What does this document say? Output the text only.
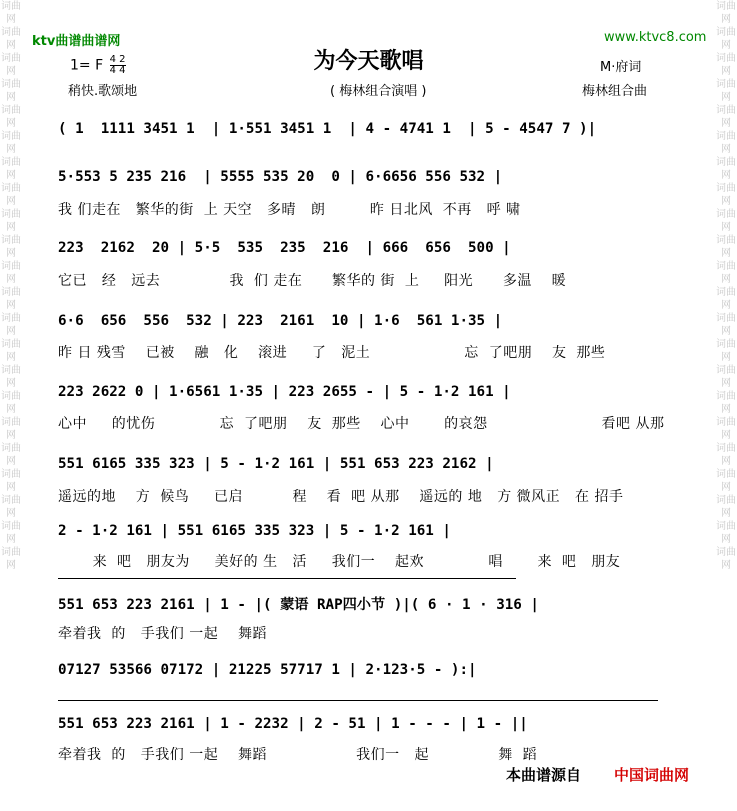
词曲网 词曲网 词曲网 词曲网 词曲网 词曲网 词曲网 词曲网 词曲网 词曲网 词曲网 词曲网 词曲网 词曲网 词曲网 词曲网 词曲网 词曲网 词曲网 词曲网 词曲网 词曲网
词曲网 词曲网 词曲网 词曲网 词曲网 词曲网 词曲网 词曲网 词曲网 词曲网 词曲网 词曲网 词曲网 词曲网 词曲网 词曲网 词曲网 词曲网 词曲网 词曲网 词曲网 词曲网
ktv曲谱曲谱网	www.ktvc8.com
为今天歌唱
1= F $\frac{4 2}{4 4}$
稍快.歌颂地	( 梅林组合演唱 )
M·府词
梅林组合曲
( 1  1111 3451 1  | 1·551 3451 1  | 4 - 4741 1  | 5 - 4547 7 )|
5·553 5 235 216  | 5555 535 20  0 | 6·6656 556 532 |
我 们走在   繁华的街  上 天空   多晴   朗         昨 日北风  不再   呼 啸
223  2162  20 | 5·5  535  235  216  | 666  656  500 |
它已   经   远去              我  们 走在      繁华的 街  上     阳光      多温    暖
6·6  656  556  532 | 223  2161  10 | 1·6  561 1·35 |
昨 日 残雪    已被    融   化    滚进     了   泥土                   忘  了吧朋    友  那些
223 2622 0 | 1·6561 1·35 | 223 2655 - | 5 - 1·2 161 |
心中     的忧伤             忘  了吧朋    友  那些    心中       的哀怨                       看吧 从那
551 6165 335 323 | 5 - 1·2 161 | 551 653 223 2162 |
遥远的地    方  候鸟     已启          程    看  吧 从那    遥远的 地   方 微风正   在 招手
2 - 1·2 161 | 551 6165 335 323 | 5 - 1·2 161 |
来  吧   朋友为     美好的 生   活     我们一    起欢             唱       来  吧   朋友
551 653 223 2161 | 1 - |( 蒙语 RAP四小节 )|( 6 · 1 · 316 |
牵着我  的   手我们 一起    舞蹈
07127 53566 07172 | 21225 57717 1 | 2·123·5 - ):|
551 653 223 2161 | 1 - 2232 | 2 - 51 | 1 - - - | 1 - ||
牵着我  的   手我们 一起    舞蹈                  我们一   起              舞  蹈
本曲谱源自 中国词曲网
